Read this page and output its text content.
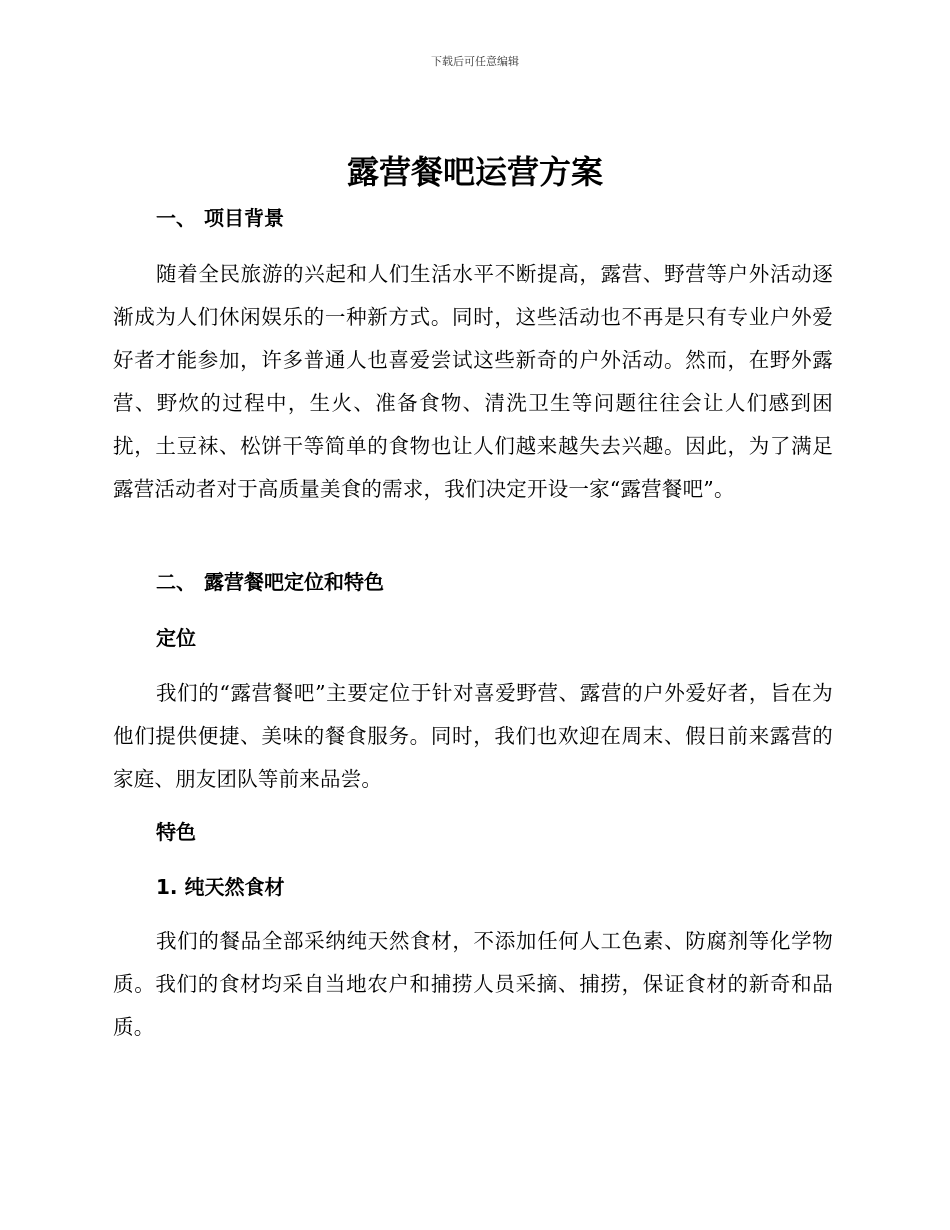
下载后可任意编辑
露营餐吧运营方案
一、 项目背景

随着全民旅游的兴起和人们生活水平不断提高，露营、野营等户外活动逐渐成为人们休闲娱乐的一种新方式。同时，这些活动也不再是只有专业户外爱好者才能参加，许多普通人也喜爱尝试这些新奇的户外活动。然而，在野外露营、野炊的过程中，生火、准备食物、清洗卫生等问题往往会让人们感到困扰，土豆袜、松饼干等简单的食物也让人们越来越失去兴趣。因此，为了满足露营活动者对于高质量美食的需求，我们决定开设一家“露营餐吧”。

二、 露营餐吧定位和特色
定位

我们的“露营餐吧”主要定位于针对喜爱野营、露营的户外爱好者，旨在为他们提供便捷、美味的餐食服务。同时，我们也欢迎在周末、假日前来露营的家庭、朋友团队等前来品尝。

特色
1. 纯天然食材

我们的餐品全部采纳纯天然食材，不添加任何人工色素、防腐剂等化学物质。我们的食材均采自当地农户和捕捞人员采摘、捕捞，保证食材的新奇和品质。
